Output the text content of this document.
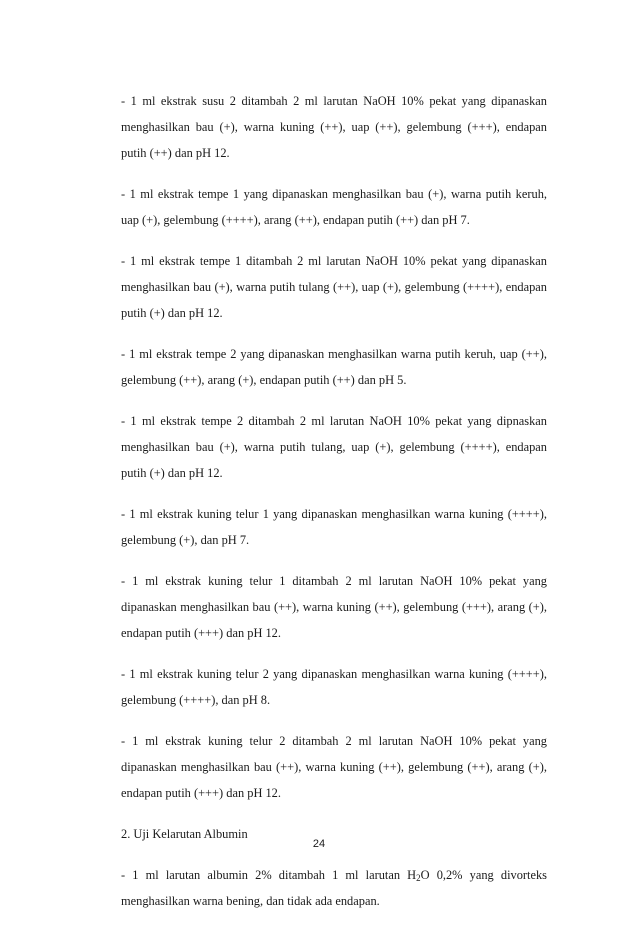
- 1 ml ekstrak susu 2 ditambah 2 ml larutan NaOH 10% pekat yang dipanaskan menghasilkan bau (+), warna kuning (++), uap (++), gelembung (+++), endapan putih (++) dan pH 12.

- 1 ml ekstrak tempe 1 yang dipanaskan menghasilkan bau (+), warna putih keruh, uap (+), gelembung (++++), arang (++), endapan putih (++) dan pH 7.

- 1 ml ekstrak tempe 1 ditambah 2 ml larutan NaOH 10% pekat yang dipanaskan menghasilkan bau (+), warna putih tulang (++), uap (+), gelembung (++++), endapan putih (+) dan pH 12.

- 1 ml ekstrak tempe 2 yang dipanaskan menghasilkan warna putih keruh, uap (++), gelembung (++), arang (+), endapan putih (++) dan pH 5.

- 1 ml ekstrak tempe 2 ditambah 2 ml larutan NaOH 10% pekat yang dipnaskan menghasilkan bau (+), warna putih tulang, uap (+), gelembung (++++), endapan putih (+) dan pH 12.

- 1 ml ekstrak kuning telur 1 yang dipanaskan menghasilkan warna kuning (++++), gelembung (+), dan pH 7.

- 1 ml ekstrak kuning telur 1 ditambah 2 ml larutan NaOH 10% pekat yang dipanaskan menghasilkan bau (++), warna kuning (++), gelembung (+++), arang (+), endapan putih (+++) dan pH 12.

- 1 ml ekstrak kuning telur 2 yang dipanaskan menghasilkan warna kuning (++++), gelembung (++++), dan pH 8.

- 1 ml ekstrak kuning telur 2 ditambah 2 ml larutan NaOH 10% pekat yang dipanaskan menghasilkan bau (++), warna kuning (++), gelembung (++), arang (+), endapan putih (+++) dan pH 12.

2. Uji Kelarutan Albumin

- 1 ml larutan albumin 2% ditambah 1 ml larutan $H_2O$ 0,2% yang divorteks menghasilkan warna bening, dan tidak ada endapan.

24
